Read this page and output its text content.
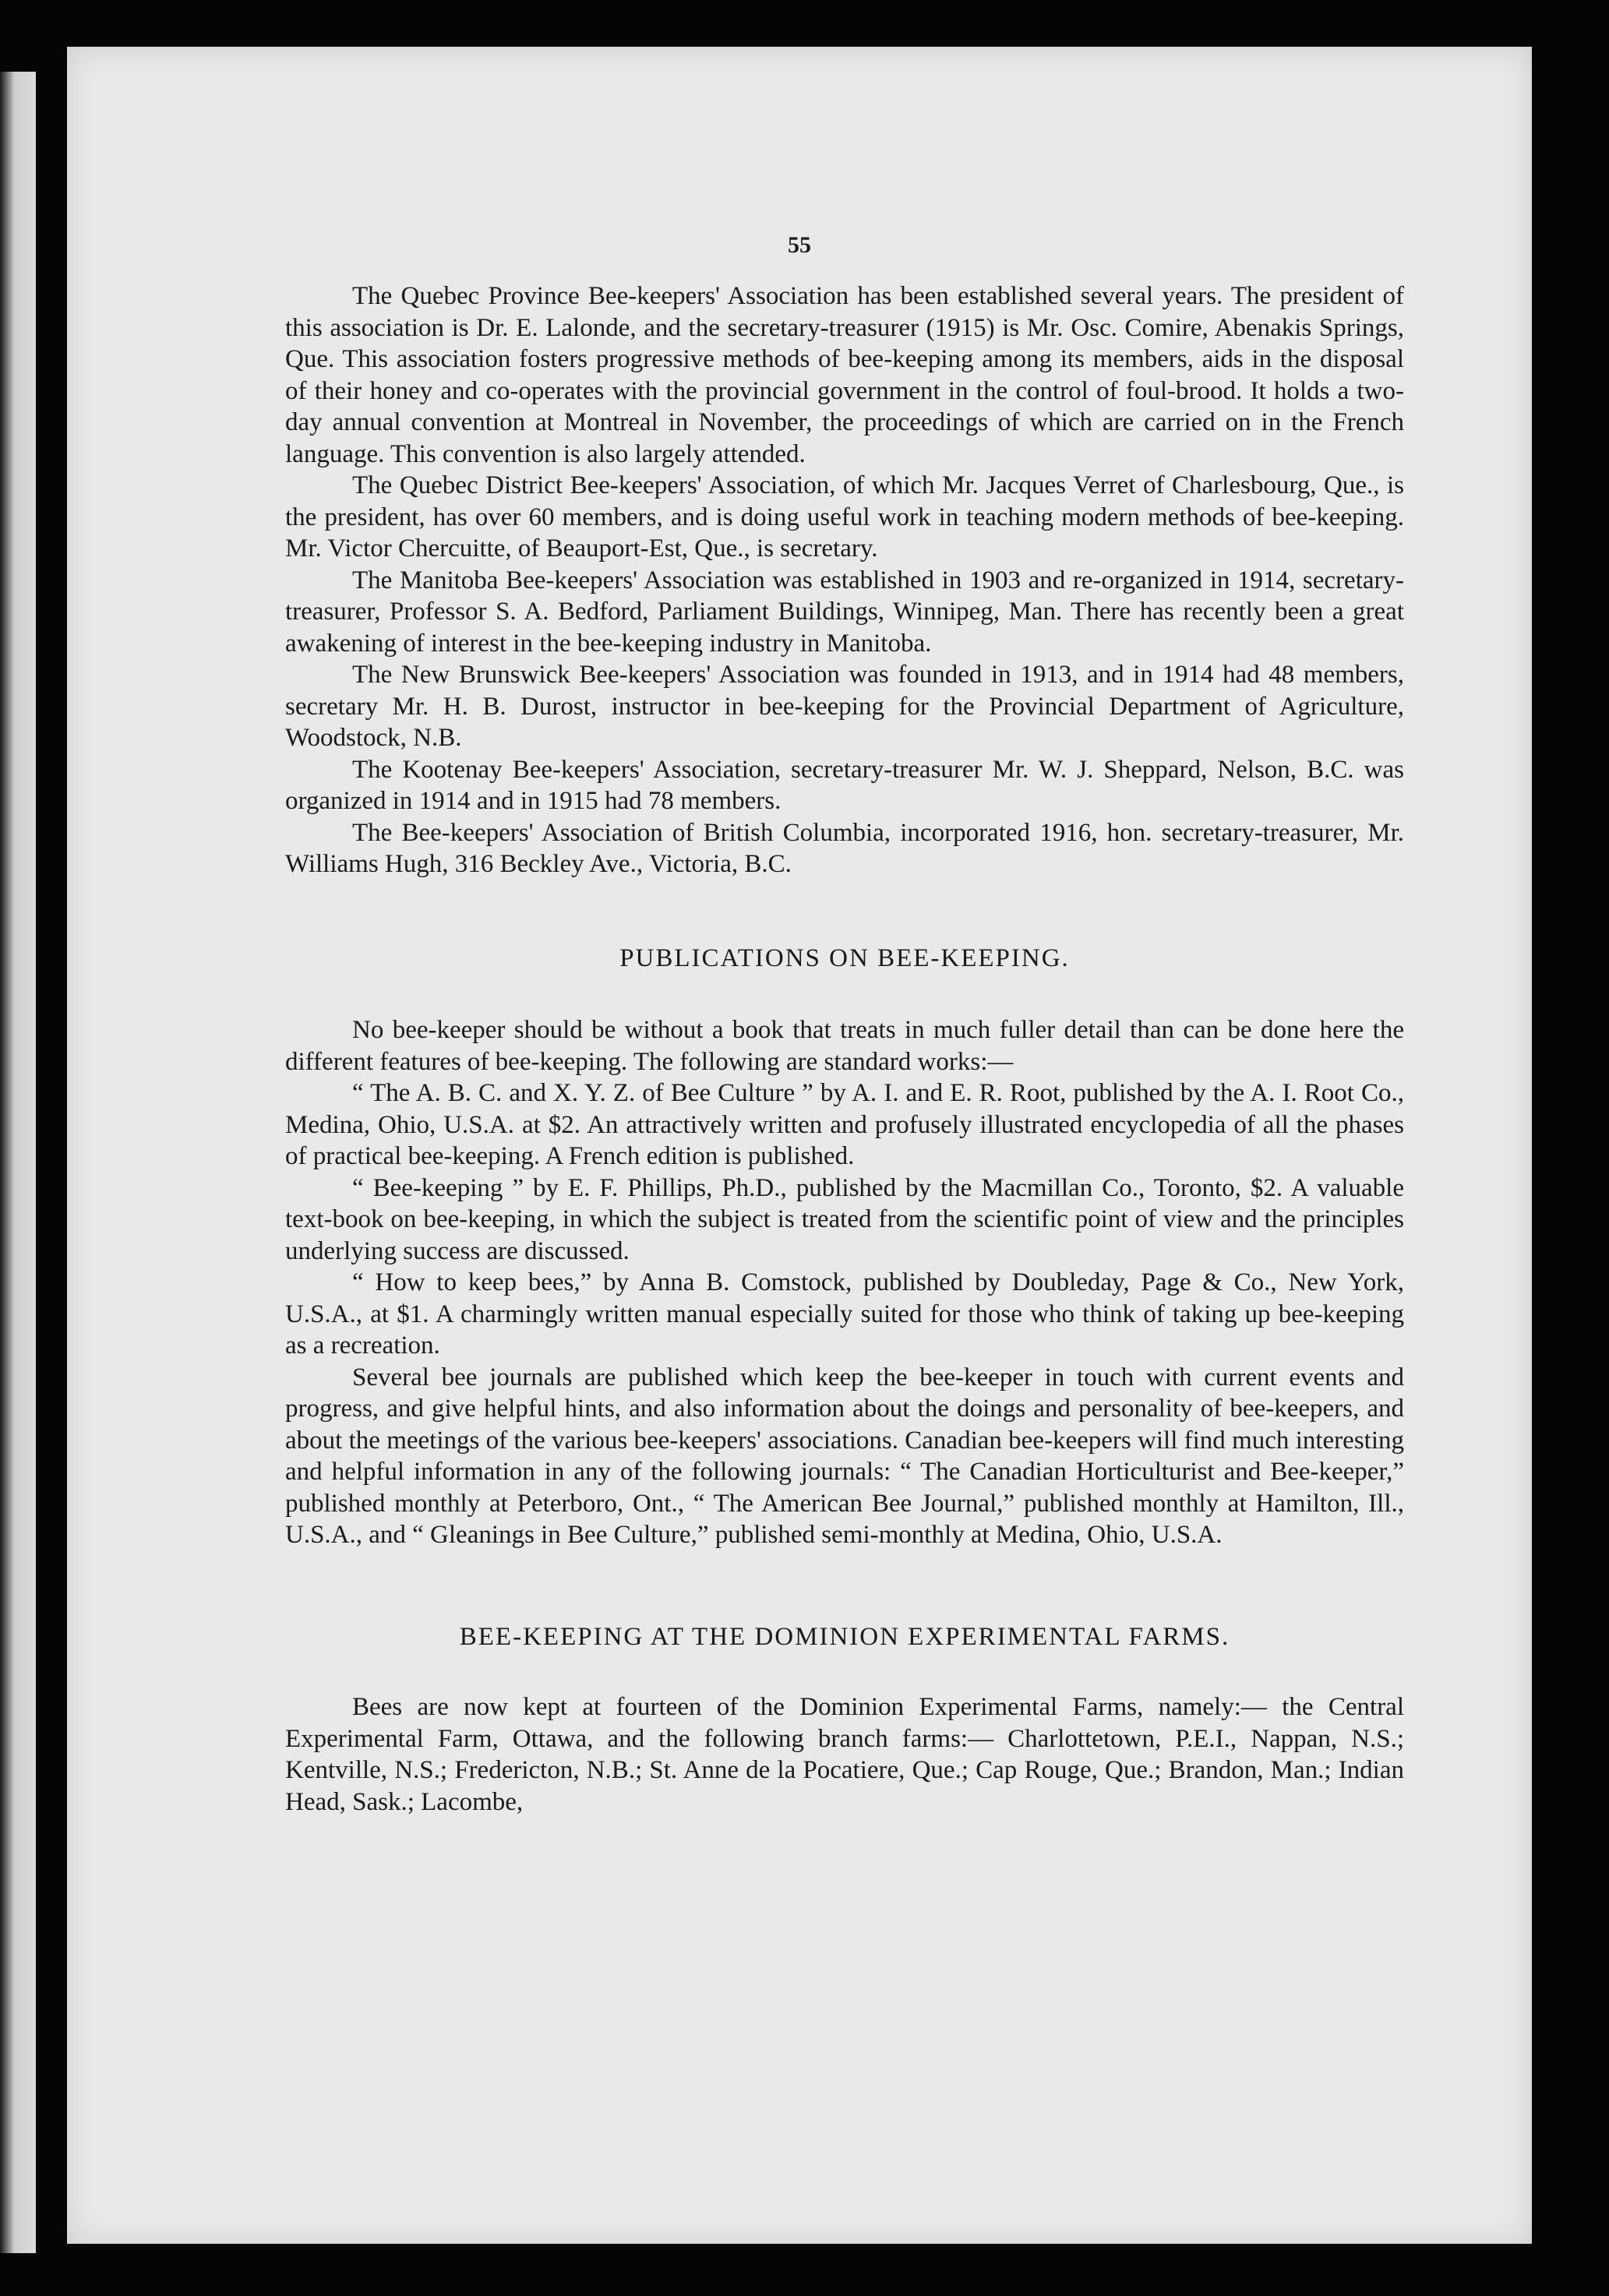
55

The Quebec Province Bee-keepers' Association has been established several years. The president of this association is Dr. E. Lalonde, and the secretary-treasurer (1915) is Mr. Osc. Comire, Abenakis Springs, Que. This association fosters progressive methods of bee-keeping among its members, aids in the disposal of their honey and co-operates with the provincial government in the control of foul-brood. It holds a two-day annual convention at Montreal in November, the proceedings of which are carried on in the French language. This convention is also largely attended.

The Quebec District Bee-keepers' Association, of which Mr. Jacques Verret of Charlesbourg, Que., is the president, has over 60 members, and is doing useful work in teaching modern methods of bee-keeping. Mr. Victor Chercuitte, of Beauport-Est, Que., is secretary.

The Manitoba Bee-keepers' Association was established in 1903 and re-organized in 1914, secretary-treasurer, Professor S. A. Bedford, Parliament Buildings, Winnipeg, Man. There has recently been a great awakening of interest in the bee-keeping industry in Manitoba.

The New Brunswick Bee-keepers' Association was founded in 1913, and in 1914 had 48 members, secretary Mr. H. B. Durost, instructor in bee-keeping for the Provincial Department of Agriculture, Woodstock, N.B.

The Kootenay Bee-keepers' Association, secretary-treasurer Mr. W. J. Sheppard, Nelson, B.C. was organized in 1914 and in 1915 had 78 members.

The Bee-keepers' Association of British Columbia, incorporated 1916, hon. secretary-treasurer, Mr. Williams Hugh, 316 Beckley Ave., Victoria, B.C.

PUBLICATIONS ON BEE-KEEPING.

No bee-keeper should be without a book that treats in much fuller detail than can be done here the different features of bee-keeping. The following are standard works:—

“ The A. B. C. and X. Y. Z. of Bee Culture ” by A. I. and E. R. Root, published by the A. I. Root Co., Medina, Ohio, U.S.A. at $2. An attractively written and profusely illustrated encyclopedia of all the phases of practical bee-keeping. A French edition is published.

“ Bee-keeping ” by E. F. Phillips, Ph.D., published by the Macmillan Co., Toronto, $2. A valuable text-book on bee-keeping, in which the subject is treated from the scientific point of view and the principles underlying success are discussed.

“ How to keep bees,” by Anna B. Comstock, published by Doubleday, Page & Co., New York, U.S.A., at $1. A charmingly written manual especially suited for those who think of taking up bee-keeping as a recreation.

Several bee journals are published which keep the bee-keeper in touch with current events and progress, and give helpful hints, and also information about the doings and personality of bee-keepers, and about the meetings of the various bee-keepers' associations. Canadian bee-keepers will find much interesting and helpful information in any of the following journals: “ The Canadian Horticulturist and Bee-keeper,” published monthly at Peterboro, Ont., “ The American Bee Journal,” published monthly at Hamilton, Ill., U.S.A., and “ Gleanings in Bee Culture,” published semi-monthly at Medina, Ohio, U.S.A.

BEE-KEEPING AT THE DOMINION EXPERIMENTAL FARMS.

Bees are now kept at fourteen of the Dominion Experimental Farms, namely:— the Central Experimental Farm, Ottawa, and the following branch farms:— Charlottetown, P.E.I., Nappan, N.S.; Kentville, N.S.; Fredericton, N.B.; St. Anne de la Pocatiere, Que.; Cap Rouge, Que.; Brandon, Man.; Indian Head, Sask.; Lacombe,
